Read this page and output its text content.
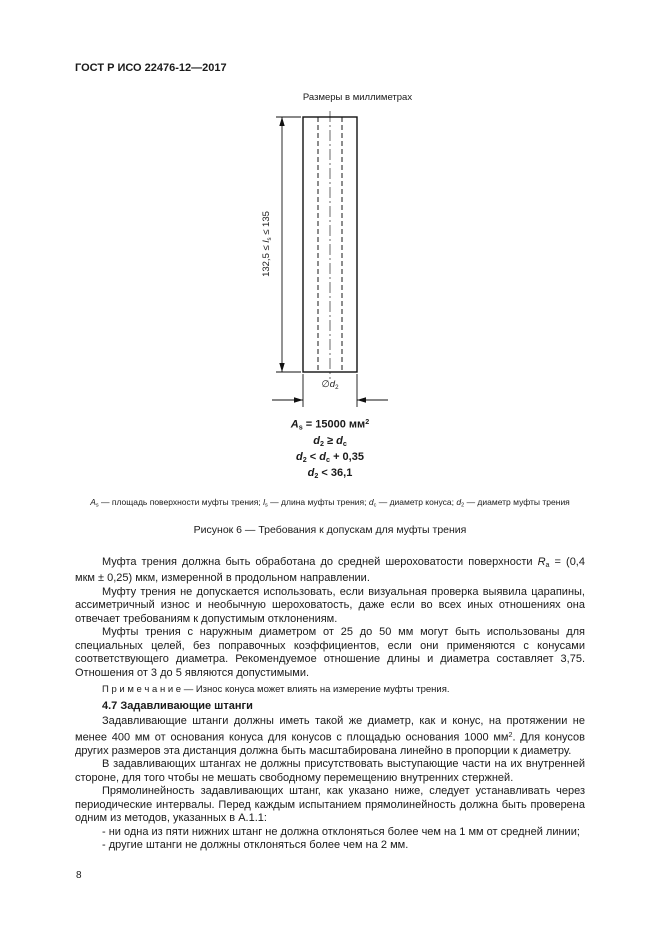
ГОСТ Р ИСО 22476-12—2017
Размеры в миллиметрах
$132,5 \le l_s \le 135$
$\emptyset d_2$
$A_s = 15000$ $мм^2$
$d_2 \ge d_c$
$d_2 < d_c + 0,35$
$d_2 < 36,1$
$A_s$ — площадь поверхности муфты трения; $l_s$ — длина муфты трения; $d_c$ — диаметр конуса; $d_2$ — диаметр муфты трения
Рисунок 6 — Требования к допускам для муфты трения
Муфта трения должна быть обработана до средней шероховатости поверхности $R_a = (0,4$ мкм ± 0,25) мкм, измеренной в продольном направлении.
Муфту трения не допускается использовать, если визуальная проверка выявила царапины, ассиметричный износ и необычную шероховатость, даже если во всех иных отношениях она отвечает требованиям к допустимым отклонениям.
Муфты трения с наружным диаметром от 25 до 50 мм могут быть использованы для специальных целей, без поправочных коэффициентов, если они применяются с конусами соответствующего диаметра. Рекомендуемое отношение длины и диаметра составляет 3,75. Отношения от 3 до 5 являются допустимыми.
П р и м е ч а н и е — Износ конуса может влиять на измерение муфты трения.
4.7 Задавливающие штанги
Задавливающие штанги должны иметь такой же диаметр, как и конус, на протяжении не менее 400 мм от основания конуса для конусов с площадью основания 1000 $мм^2$. Для конусов других размеров эта дистанция должна быть масштабирована линейно в пропорции к диаметру.
В задавливающих штангах не должны присутствовать выступающие части на их внутренней стороне, для того чтобы не мешать свободному перемещению внутренних стержней.
Прямолинейность задавливающих штанг, как указано ниже, следует устанавливать через периодические интервалы. Перед каждым испытанием прямолинейность должна быть проверена одним из методов, указанных в А.1.1:
- ни одна из пяти нижних штанг не должна отклоняться более чем на 1 мм от средней линии;
- другие штанги не должны отклоняться более чем на 2 мм.
8
